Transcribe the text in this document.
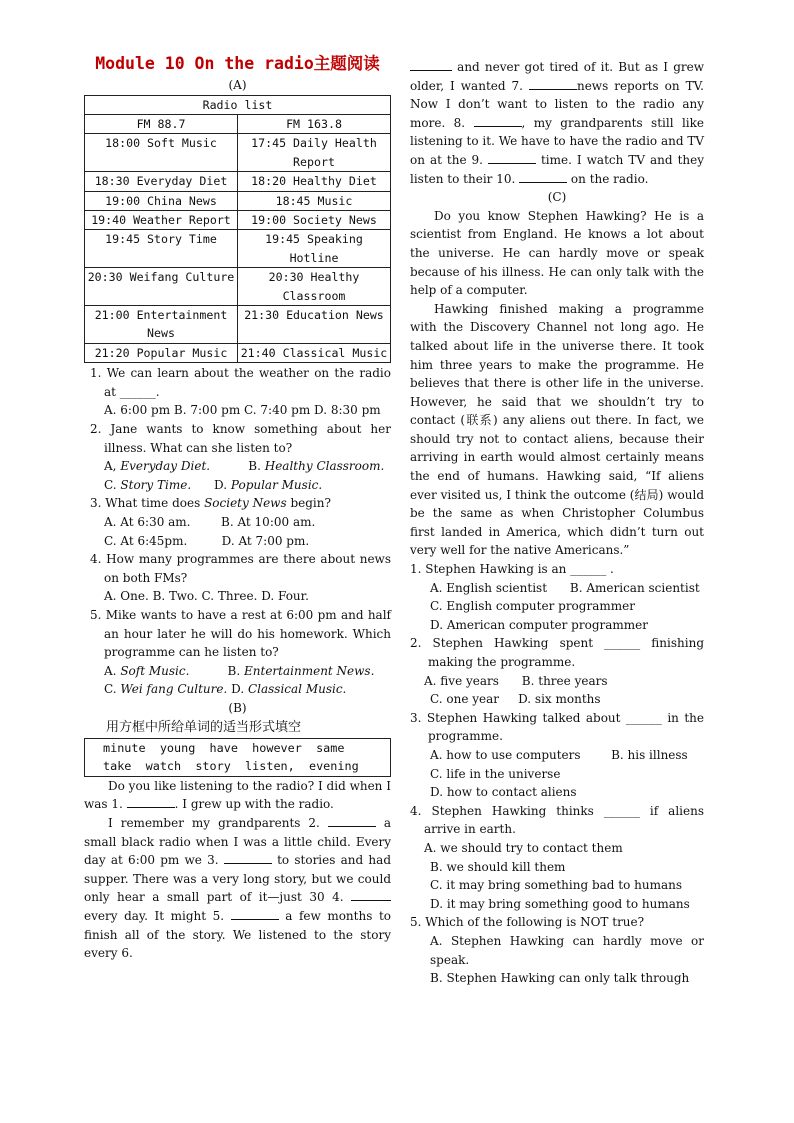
Module 10 On the radio主题阅读

(A)

Radio list	
FM 88.7	FM 163.8
18:00 Soft Music	17:45 Daily Health Report
18:30 Everyday Diet	18:20 Healthy Diet
19:00 China News	18:45 Music
19:40 Weather Report	19:00 Society News
19:45 Story Time	19:45 Speaking Hotline
20:30 Weifang Culture	20:30 Healthy Classroom
21:00 Entertainment News	21:30 Education News
21:20 Popular Music	21:40 Classical Music

1. We can learn about the weather on the radio at ______.

A. 6:00 pm B. 7:00 pm C. 7:40 pm D. 8:30 pm

2. Jane wants to know something about her illness. What can she listen to?

A, Everyday Diet.	B. Healthy Classroom.

C. Story Time. D. Popular Music.

3. What time does Society News begin?

A. At 6:30 am.        B. At 10:00 am.

C. At 6:45pm.         D. At 7:00 pm.

4. How many programmes are there about news on both FMs?

A. One. B. Two. C. Three. D. Four.

5. Mike wants to have a rest at 6:00 pm and half an hour later he will do his homework. Which programme can he listen to?

A. Soft Music.	B. Entertainment News.

C. Wei fang Culture. D. Classical Music.

(B)

用方框中所给单词的适当形式填空

minute  young  have  however  same
take  watch  story  listen,  evening

Do you like listening to the radio? I did when I was 1.	. I grew up with the radio.

I remember my grandparents 2.	a small black radio when I was a little child. Every day at 6:00 pm we 3.	to stories and had supper. There was a very long story, but we could only hear a small part of it—just 30 4. every day. It might 5.	a few months to finish all of the story. We listened to the story every 6.

and never got tired of it. But as I grew older, I wanted 7.	news reports on TV. Now I don’t want to listen to the radio any more. 8.	, my grandparents still like listening to it. We have to have the radio and TV on at the 9.	time. I watch TV and they listen to their 10.	on the radio.

(C)

Do you know Stephen Hawking? He is a scientist from England. He knows a lot about the universe. He can hardly move or speak because of his illness. He can only talk with the help of a computer.

Hawking finished making a programme with the Discovery Channel not long ago. He talked about life in the universe there. It took him three years to make the programme. He believes that there is other life in the universe. However, he said that we shouldn’t try to contact (联系) any aliens out there. In fact, we should try not to contact aliens, because their arriving in earth would almost certainly means the end of humans. Hawking said, “If aliens ever visited us, I think the outcome (结局) would be the same as when Christopher Columbus first landed in America, which didn’t turn out very well for the native Americans.”

1. Stephen Hawking is an ______ .

A. English scientist      B. American scientist

C. English computer programmer

D. American computer programmer

2. Stephen Hawking spent ______ finishing making the programme.

A. five years      B. three years

C. one year     D. six months

3. Stephen Hawking talked about ______ in the programme.

A. how to use computers        B. his illness

C. life in the universe

D. how to contact aliens

4. Stephen Hawking thinks ______ if aliens arrive in earth.

A. we should try to contact them

B. we should kill them

C. it may bring something bad to humans

D. it may bring something good to humans

5. Which of the following is NOT true?

A. Stephen Hawking can hardly move or speak.

B. Stephen Hawking can only talk through
